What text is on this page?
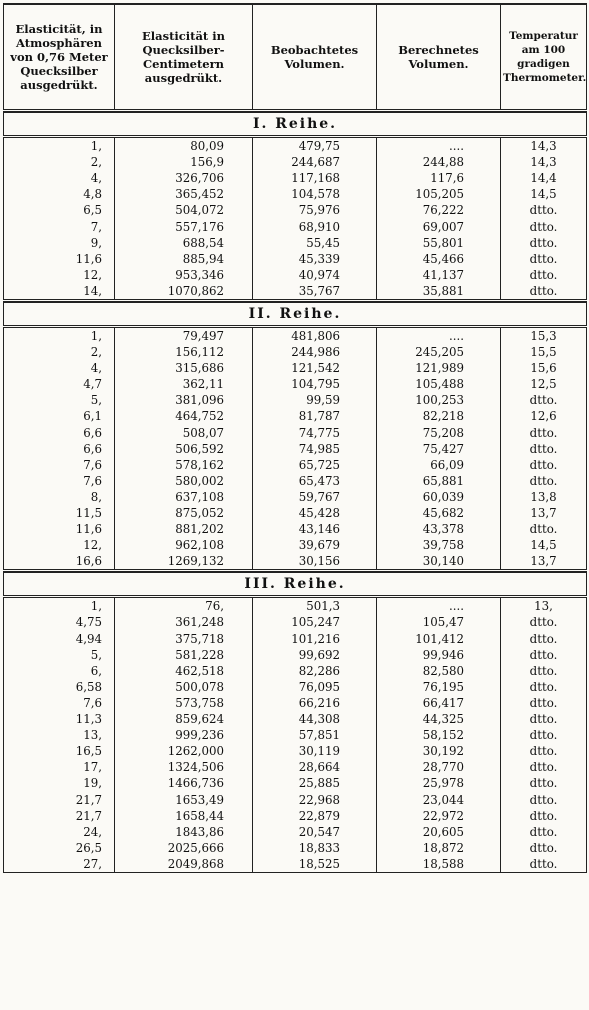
Elasticität, in Atmosphären von 0,76 Meter Quecksilber ausgedrükt.	Elasticität in Quecksilber-Centimetern ausgedrükt.	Beobachtetes Volumen.	Berechnetes Volumen.	Temperatur am 100 gradigen Thermometer.

I. Reihe.				
1,	80,09	479,75	....	14,3
2,	156,9	244,687	244,88	14,3
4,	326,706	117,168	117,6	14,4
4,8	365,452	104,578	105,205	14,5
6,5	504,072	75,976	76,222	dtto.
7,	557,176	68,910	69,007	dtto.
9,	688,54	55,45	55,801	dtto.
11,6	885,94	45,339	45,466	dtto.
12,	953,346	40,974	41,137	dtto.
14,	1070,862	35,767	35,881	dtto.

II. Reihe.				
1,	79,497	481,806	....	15,3
2,	156,112	244,986	245,205	15,5
4,	315,686	121,542	121,989	15,6
4,7	362,11	104,795	105,488	12,5
5,	381,096	99,59	100,253	dtto.
6,1	464,752	81,787	82,218	12,6
6,6	508,07	74,775	75,208	dtto.
6,6	506,592	74,985	75,427	dtto.
7,6	578,162	65,725	66,09	dtto.
7,6	580,002	65,473	65,881	dtto.
8,	637,108	59,767	60,039	13,8
11,5	875,052	45,428	45,682	13,7
11,6	881,202	43,146	43,378	dtto.
12,	962,108	39,679	39,758	14,5
16,6	1269,132	30,156	30,140	13,7

III. Reihe.				
1,	76,	501,3	....	13,
4,75	361,248	105,247	105,47	dtto.
4,94	375,718	101,216	101,412	dtto.
5,	581,228	99,692	99,946	dtto.
6,	462,518	82,286	82,580	dtto.
6,58	500,078	76,095	76,195	dtto.
7,6	573,758	66,216	66,417	dtto.
11,3	859,624	44,308	44,325	dtto.
13,	999,236	57,851	58,152	dtto.
16,5	1262,000	30,119	30,192	dtto.
17,	1324,506	28,664	28,770	dtto.
19,	1466,736	25,885	25,978	dtto.
21,7	1653,49	22,968	23,044	dtto.
21,7	1658,44	22,879	22,972	dtto.
24,	1843,86	20,547	20,605	dtto.
26,5	2025,666	18,833	18,872	dtto.
27,	2049,868	18,525	18,588	dtto.
